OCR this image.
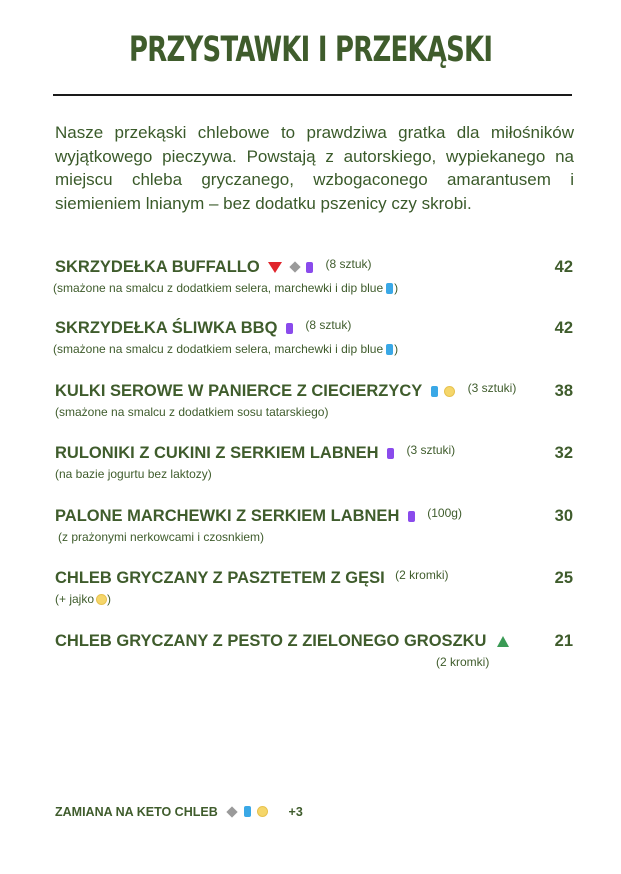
PRZYSTAWKI I PRZEKĄSKI
Nasze przekąski chlebowe to prawdziwa gratka dla miłośników wyjątkowego pieczywa. Powstają z autorskiego, wypiekanego na miejscu chleba gryczanego, wzbogaconego amarantusem i siemieniem lnianym – bez dodatku pszenicy czy skrobi.
SKRZYDEŁKA BUFFALLO	$^{(8 sztuk)}$	42
(smażone na smalcu z dodatkiem selera, marchewki i dip blue )
SKRZYDEŁKA ŚLIWKA BBQ $^{(8 sztuk)}$	42
(smażone na smalcu z dodatkiem selera, marchewki i dip blue )
KULKI SEROWE W PANIERCE Z CIECIERZYCY	$^{(3 sztuki)}$ 38
(smażone na smalcu z dodatkiem sosu tatarskiego)
RULONIKI Z CUKINI Z SERKIEM LABNEH $^{(3 sztuki)}$	32
(na bazie jogurtu bez laktozy)
PALONE MARCHEWKI Z SERKIEM LABNEH $^{(100g)}$	30
(z prażonymi nerkowcami i czosnkiem)
CHLEB GRYCZANY Z PASZTETEM Z GĘSI $^{(2 kromki)}$	25
(+ jajko )
CHLEB GRYCZANY Z PESTO Z ZIELONEGO GROSZKU	21
(2 kromki)
ZAMIANA NA KETO CHLEB	+3
